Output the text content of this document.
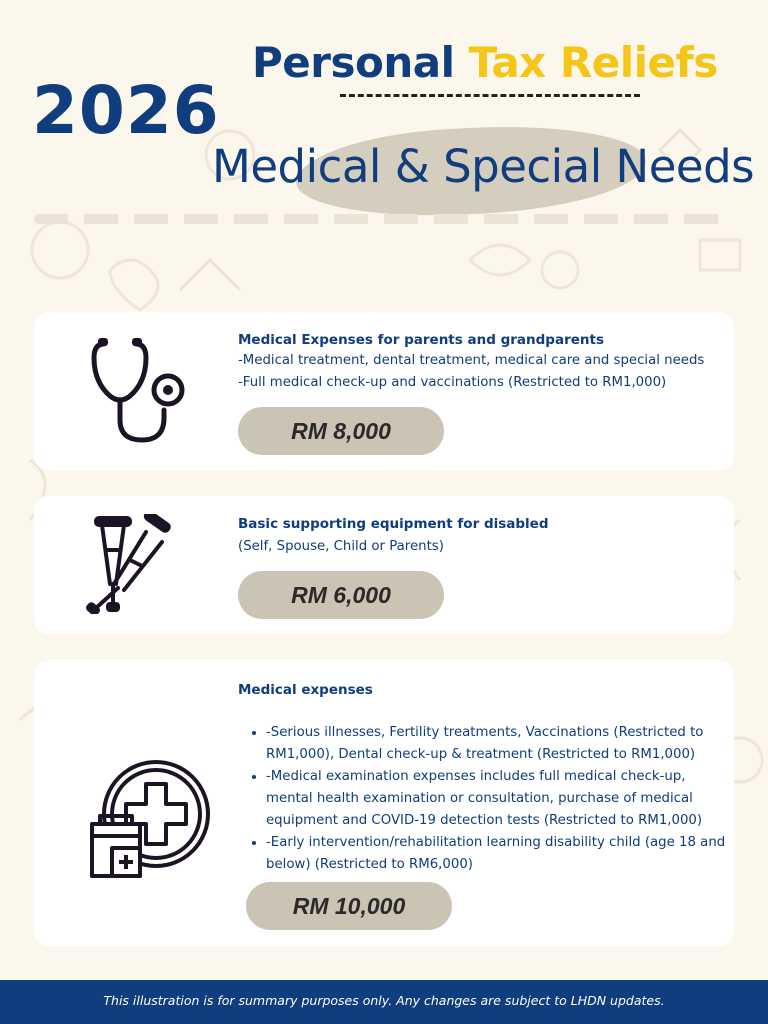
2026
Personal Tax Reliefs
Medical & Special Needs
Medical Expenses for parents and grandparents
-Medical treatment, dental treatment, medical care and special needs
-Full medical check-up and vaccinations (Restricted to RM1,000)
RM 8,000
Basic supporting equipment for disabled
(Self, Spouse, Child or Parents)
RM 6,000
Medical expenses
• -Serious illnesses, Fertility treatments, Vaccinations (Restricted to RM1,000), Dental check-up & treatment (Restricted to RM1,000)
• -Medical examination expenses includes full medical check-up, mental health examination or consultation, purchase of medical equipment and COVID-19 detection tests (Restricted to RM1,000)
• -Early intervention/rehabilitation learning disability child (age 18 and below) (Restricted to RM6,000)
RM 10,000
This illustration is for summary purposes only. Any changes are subject to LHDN updates.
